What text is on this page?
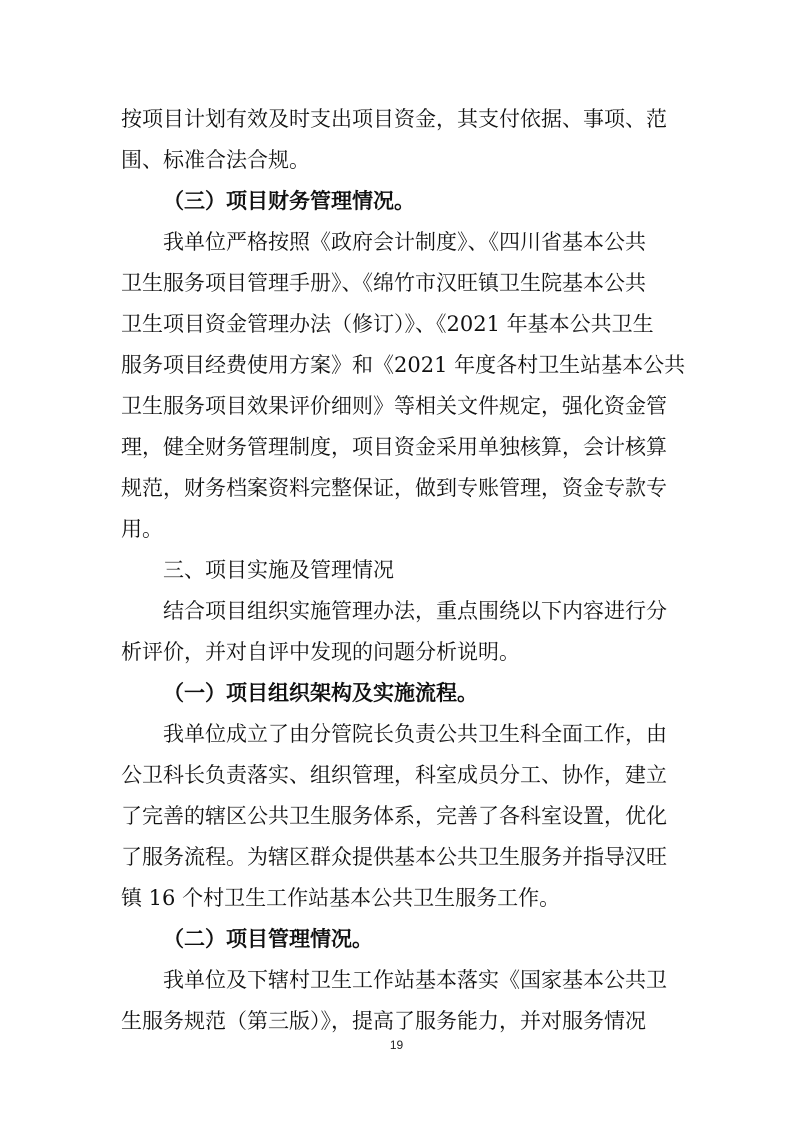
按项目计划有效及时支出项目资金，其支付依据、事项、范
围、标准合法合规。
（三）项目财务管理情况。
我单位严格按照《政府会计制度》、《四川省基本公共
卫生服务项目管理手册》、《绵竹市汉旺镇卫生院基本公共
卫生项目资金管理办法（修订）》、《2021 年基本公共卫生
服务项目经费使用方案》和《2021 年度各村卫生站基本公共
卫生服务项目效果评价细则》等相关文件规定，强化资金管
理，健全财务管理制度，项目资金采用单独核算，会计核算
规范，财务档案资料完整保证，做到专账管理，资金专款专
用。
三、项目实施及管理情况
结合项目组织实施管理办法，重点围绕以下内容进行分
析评价，并对自评中发现的问题分析说明。
（一）项目组织架构及实施流程。
我单位成立了由分管院长负责公共卫生科全面工作，由
公卫科长负责落实、组织管理，科室成员分工、协作，建立
了完善的辖区公共卫生服务体系，完善了各科室设置，优化
了服务流程。为辖区群众提供基本公共卫生服务并指导汉旺
镇 16 个村卫生工作站基本公共卫生服务工作。
（二）项目管理情况。
我单位及下辖村卫生工作站基本落实《国家基本公共卫
生服务规范（第三版）》，提高了服务能力，并对服务情况
19
